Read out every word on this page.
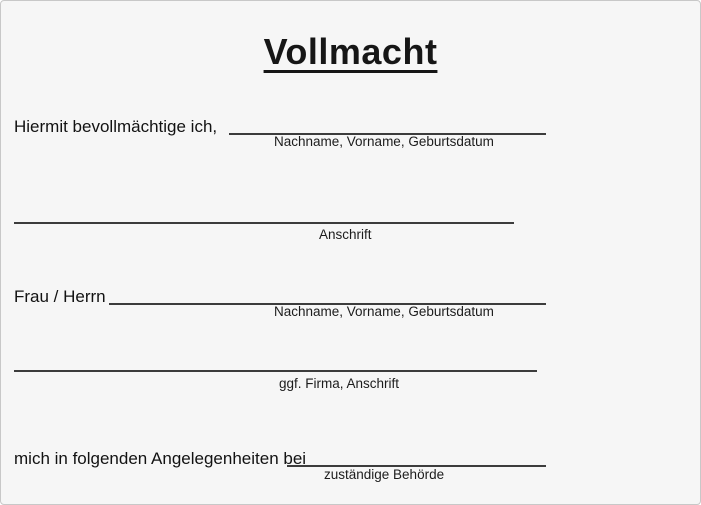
Vollmacht
Hiermit bevollmächtige ich,
Nachname, Vorname, Geburtsdatum
Anschrift
Frau / Herrn
Nachname, Vorname, Geburtsdatum
ggf. Firma, Anschrift
mich in folgenden Angelegenheiten bei
zuständige Behörde
